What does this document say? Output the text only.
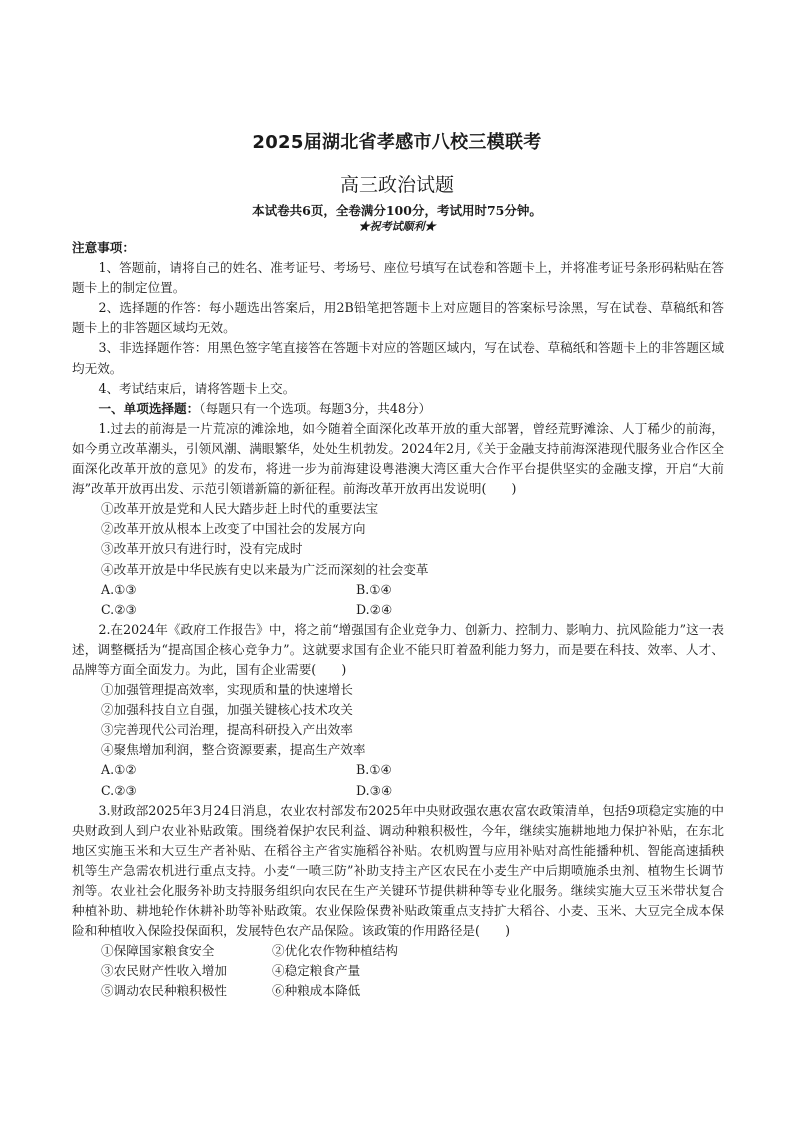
2025届湖北省孝感市八校三模联考
高三政治试题
本试卷共6页，全卷满分100分，考试用时75分钟。
★祝考试顺利★

注意事项：

1、答题前，请将自己的姓名、准考证号、考场号、座位号填写在试卷和答题卡上，并将准考证号条形码粘贴在答题卡上的制定位置。

2、选择题的作答：每小题选出答案后，用2B铅笔把答题卡上对应题目的答案标号涂黑，写在试卷、草稿纸和答题卡上的非答题区域均无效。

3、非选择题作答：用黑色签字笔直接答在答题卡对应的答题区域内，写在试卷、草稿纸和答题卡上的非答题区域均无效。

4、考试结束后，请将答题卡上交。

一、单项选择题：（每题只有一个选项。每题3分，共48分）

1.过去的前海是一片荒凉的滩涂地，如今随着全面深化改革开放的重大部署，曾经荒野滩涂、人丁稀少的前海，如今勇立改革潮头，引领风潮、满眼繁华，处处生机勃发。2024年2月,《关于金融支持前海深港现代服务业合作区全面深化改革开放的意见》的发布，将进一步为前海建设粤港澳大湾区重大合作平台提供坚实的金融支撑，开启“大前海”改革开放再出发、示范引领谱新篇的新征程。前海改革开放再出发说明(　　)

①改革开放是党和人民大踏步赶上时代的重要法宝

②改革开放从根本上改变了中国社会的发展方向

③改革开放只有进行时，没有完成时

④改革开放是中华民族有史以来最为广泛而深刻的社会变革

A.①③	B.①④
C.②③	D.②④

2.在2024年《政府工作报告》中，将之前“增强国有企业竞争力、创新力、控制力、影响力、抗风险能力”这一表述，调整概括为“提高国企核心竞争力”。这就要求国有企业不能只盯着盈利能力努力，而是要在科技、效率、人才、品牌等方面全面发力。为此，国有企业需要(　　)

①加强管理提高效率，实现质和量的快速增长

②加强科技自立自强，加强关键核心技术攻关

③完善现代公司治理，提高科研投入产出效率

④聚焦增加利润，整合资源要素，提高生产效率

A.①②	B.①④
C.②③	D.③④

3.财政部2025年3月24日消息，农业农村部发布2025年中央财政强农惠农富农政策清单，包括9项稳定实施的中央财政到人到户农业补贴政策。围绕着保护农民利益、调动种粮积极性，今年，继续实施耕地地力保护补贴，在东北地区实施玉米和大豆生产者补贴、在稻谷主产省实施稻谷补贴。农机购置与应用补贴对高性能播种机、智能高速插秧机等生产急需农机进行重点支持。小麦“一喷三防”补助支持主产区农民在小麦生产中后期喷施杀虫剂、植物生长调节剂等。农业社会化服务补助支持服务组织向农民在生产关键环节提供耕种等专业化服务。继续实施大豆玉米带状复合种植补助、耕地轮作休耕补助等补贴政策。农业保险保费补贴政策重点支持扩大稻谷、小麦、玉米、大豆完全成本保险和种植收入保险投保面积，发展特色农产品保险。该政策的作用路径是(　　)

①保障国家粮食安全	②优化农作物种植结构
③农民财产性收入增加	④稳定粮食产量
⑤调动农民种粮积极性	⑥种粮成本降低
